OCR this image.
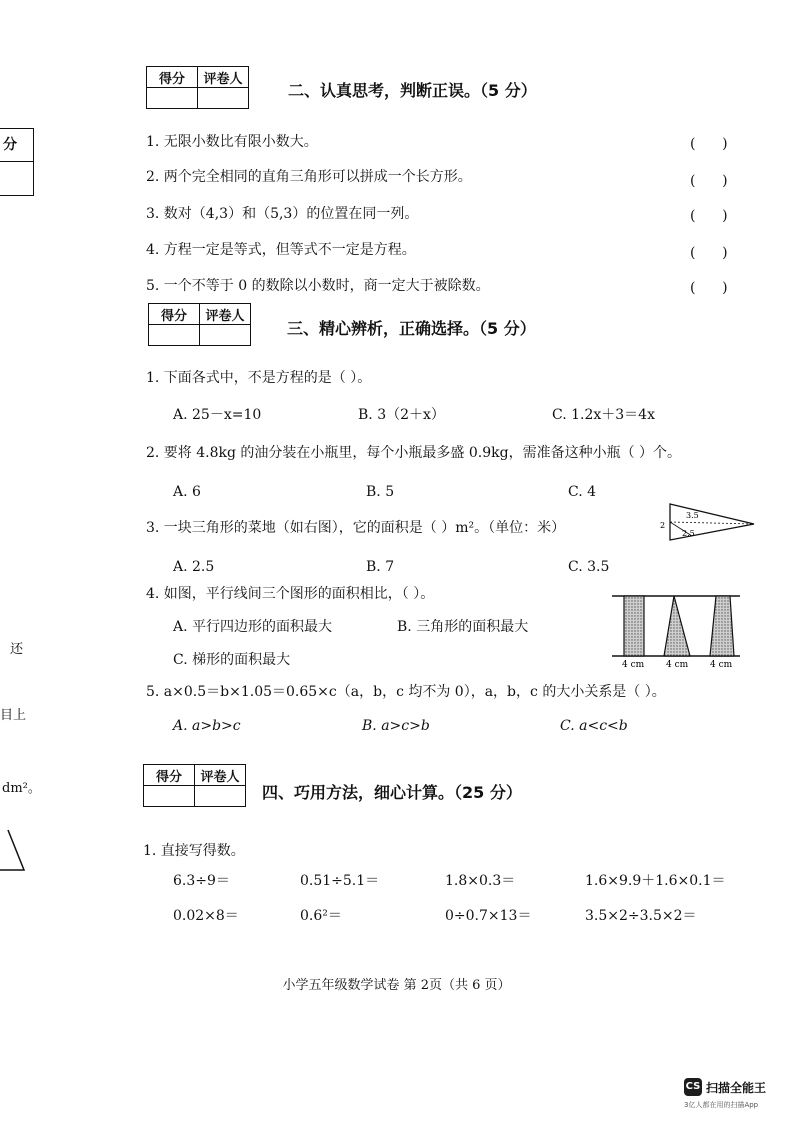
分
还
目上
dm²。
得分	评卷人

二、认真思考，判断正误。（5 分）
1. 无限小数比有限小数大。
2. 两个完全相同的直角三角形可以拼成一个长方形。
3. 数对（4,3）和（5,3）的位置在同一列。
4. 方程一定是等式，但等式不一定是方程。
5. 一个不等于 0 的数除以小数时，商一定大于被除数。
(      )
(      )
(      )
(      )
(      )
得分	评卷人

三、精心辨析，正确选择。（5 分）
1. 下面各式中，不是方程的是（ ）。
A. 25－x=10	B. 3（2＋x）	C. 1.2x＋3＝4x
2. 要将 4.8kg 的油分装在小瓶里，每个小瓶最多盛 0.9kg，需准备这种小瓶（ ）个。
A. 6	B. 5	C. 4
3. 一块三角形的菜地（如右图），它的面积是（ ）m²。（单位：米）	2
3.5
2.5
A. 2.5	B. 7	C. 3.5
4. 如图，平行线间三个图形的面积相比，（ ）。
A. 平行四边形的面积最大	B. 三角形的面积最大
C. 梯形的面积最大	4 cm 4 cm 4 cm
5. a×0.5＝b×1.05＝0.65×c（a，b，c 均不为 0），a，b，c 的大小关系是（ ）。
A. a>b>c	B. a>c>b	C. a<c<b
得分	评卷人

四、巧用方法，细心计算。（25 分）
1. 直接写得数。
6.3÷9＝	0.51÷5.1＝	1.8×0.3＝	1.6×9.9＋1.6×0.1＝
0.02×8＝	0.6²＝	0÷0.7×13＝	3.5×2÷3.5×2＝
小学五年级数学试卷 第 2页（共 6 页）
CS 扫描全能王
3亿人都在用的扫描App
